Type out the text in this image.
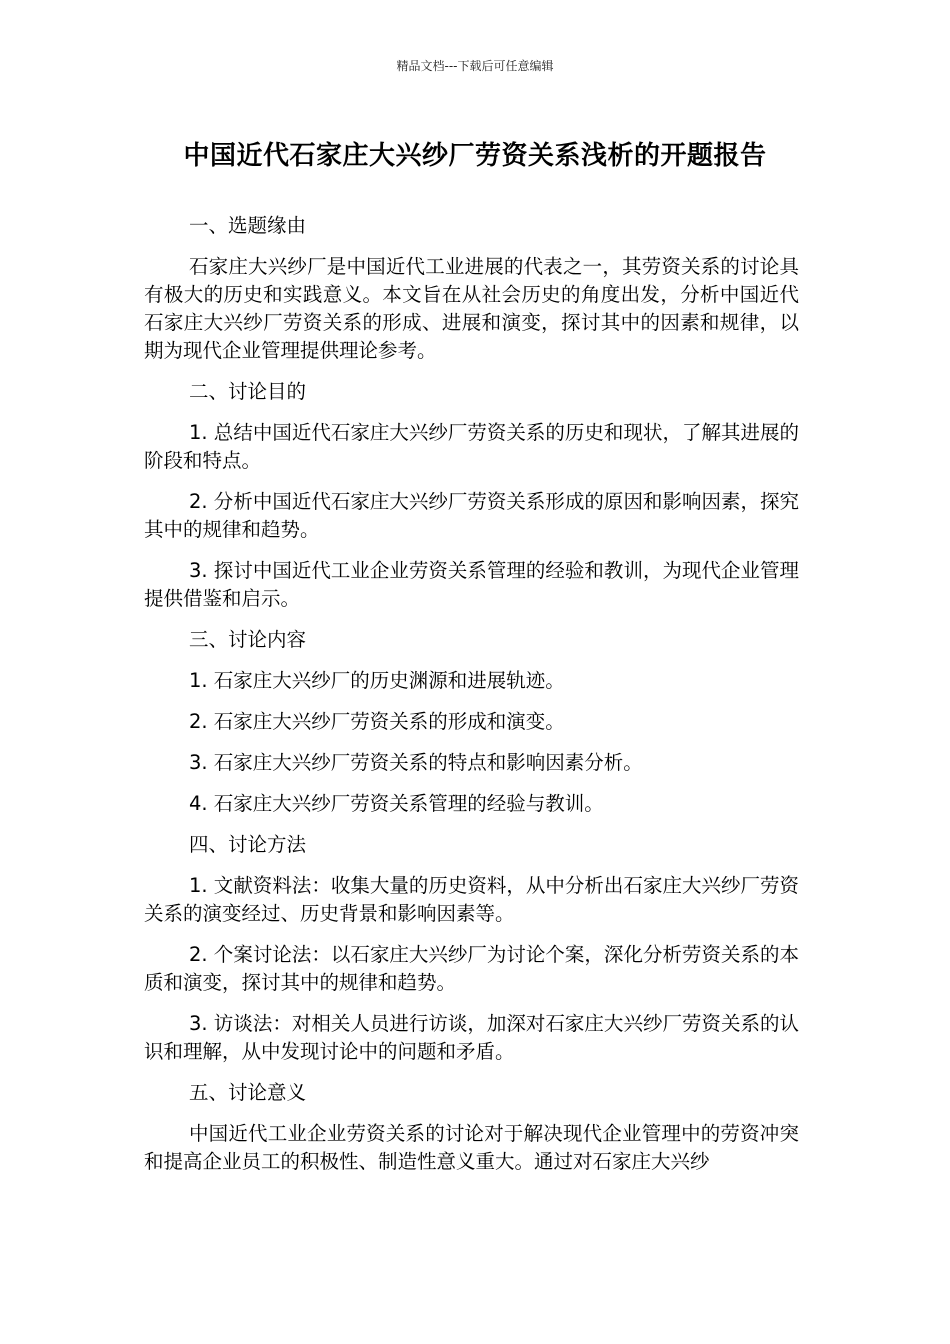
精品文档---下载后可任意编辑
中国近代石家庄大兴纱厂劳资关系浅析的开题报告

一、选题缘由

石家庄大兴纱厂是中国近代工业进展的代表之一，其劳资关系的讨论具有极大的历史和实践意义。本文旨在从社会历史的角度出发，分析中国近代石家庄大兴纱厂劳资关系的形成、进展和演变，探讨其中的因素和规律，以期为现代企业管理提供理论参考。

二、讨论目的

1. 总结中国近代石家庄大兴纱厂劳资关系的历史和现状，了解其进展的阶段和特点。

2. 分析中国近代石家庄大兴纱厂劳资关系形成的原因和影响因素，探究其中的规律和趋势。

3. 探讨中国近代工业企业劳资关系管理的经验和教训，为现代企业管理提供借鉴和启示。

三、讨论内容

1. 石家庄大兴纱厂的历史渊源和进展轨迹。

2. 石家庄大兴纱厂劳资关系的形成和演变。

3. 石家庄大兴纱厂劳资关系的特点和影响因素分析。

4. 石家庄大兴纱厂劳资关系管理的经验与教训。

四、讨论方法

1. 文献资料法：收集大量的历史资料，从中分析出石家庄大兴纱厂劳资关系的演变经过、历史背景和影响因素等。

2. 个案讨论法：以石家庄大兴纱厂为讨论个案，深化分析劳资关系的本质和演变，探讨其中的规律和趋势。

3. 访谈法：对相关人员进行访谈，加深对石家庄大兴纱厂劳资关系的认识和理解，从中发现讨论中的问题和矛盾。

五、讨论意义

中国近代工业企业劳资关系的讨论对于解决现代企业管理中的劳资冲突和提高企业员工的积极性、制造性意义重大。通过对石家庄大兴纱
